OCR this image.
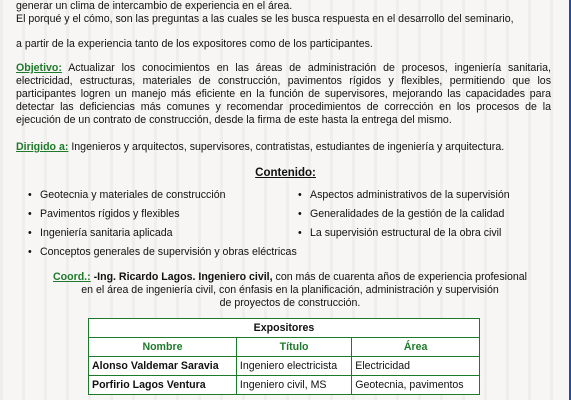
generar un clima de intercambio de experiencia en el área.

El porqué y el cómo, son las preguntas a las cuales se les busca respuesta en el desarrollo del seminario,

a partir de la experiencia tanto de los expositores como de los participantes.

Objetivo: Actualizar los conocimientos en las áreas de administración de procesos, ingeniería sanitaria, electricidad, estructuras, materiales de construcción, pavimentos rígidos y flexibles, permitiendo que los participantes logren un manejo más eficiente en la función de supervisores, mejorando las capacidades para detectar las deficiencias más comunes y recomendar procedimientos de corrección en los procesos de la ejecución de un contrato de construcción, desde la firma de este hasta la entrega del mismo.

Dirigido a: Ingenieros y arquitectos, supervisores, contratistas, estudiantes de ingeniería y arquitectura.

Contenido:
• Geotecnia y materiales de construcción
• Pavimentos rígidos y flexibles
• Ingeniería sanitaria aplicada
• Conceptos generales de supervisión y obras eléctricas
• Aspectos administrativos de la supervisión
• Generalidades de la gestión de la calidad
• La supervisión estructural de la obra civil
Coord.: -Ing. Ricardo Lagos. Ingeniero civil, con más de cuarenta años de experiencia profesional
en el área de ingeniería civil, con énfasis en la planificación, administración y supervisión
de proyectos de construcción.
Expositores		
Nombre	Título	Área
Alonso Valdemar Saravia	Ingeniero electricista	Electricidad
Porfirio Lagos Ventura	Ingeniero civil, MS	Geotecnia, pavimentos
